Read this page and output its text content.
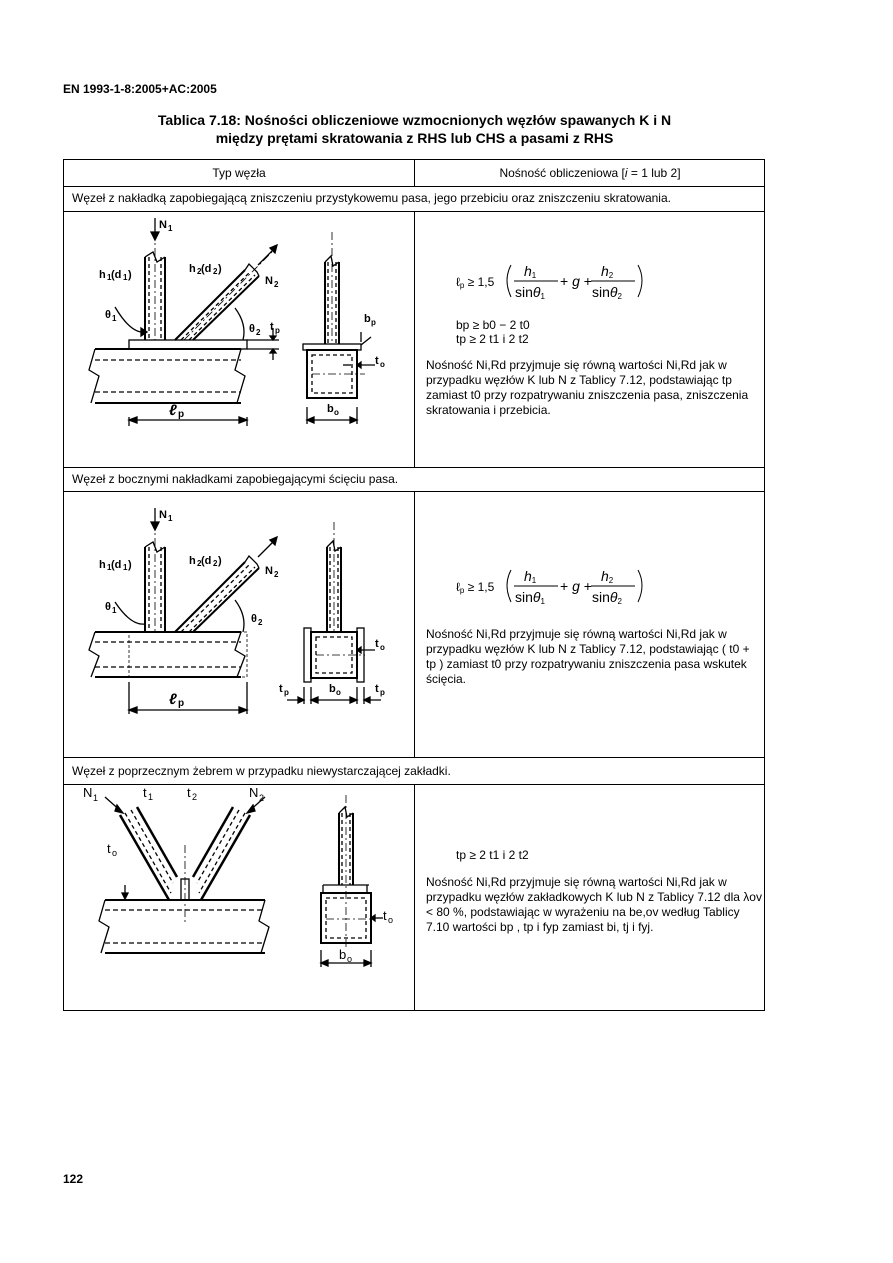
EN 1993-1-8:2005+AC:2005
Tablica 7.18: Nośności obliczeniowe wzmocnionych węzłów spawanych K i N
między prętami skratowania z RHS lub CHS a pasami z RHS
Typ węzła	Nośność obliczeniowa [i = 1 lub 2]
Węzeł z nakładką zapobiegającą zniszczeniu przystykowemu pasa, jego przebiciu oraz zniszczeniu skratowania.
N 1
h 1 (d 1 )	h 2 (d 2 )
N 2
θ 1
θ 2 t p
b p
t o
b o
ℓ p
ℓp ≥ 1,5
h1
sinθ1
+ g +
h2
sinθ2
bp ≥ b0 − 2 t0
tp ≥ 2 t1 i 2 t2

Nośność Ni,Rd przyjmuje się równą wartości Ni,Rd jak w przypadku węzłów K lub N z Tablicy 7.12, podstawiając tp zamiast t0 przy rozpatrywaniu zniszczenia pasa, zniszczenia skratowania i przebicia.

Węzeł z bocznymi nakładkami zapobiegającymi ścięciu pasa.
N 1
h 1 (d 1 )	h 2 (d 2 )
N 2
θ 1
θ 2
t o
t p	b o	t p
ℓ p
ℓp ≥ 1,5
h1
sinθ1
+ g +
h2
sinθ2

Nośność Ni,Rd przyjmuje się równą wartości Ni,Rd jak w przypadku węzłów K lub N z Tablicy 7.12, podstawiając ( t0 + tp ) zamiast t0 przy rozpatrywaniu zniszczenia pasa wskutek ścięcia.

Węzeł z poprzecznym żebrem w przypadku niewystarczającej zakładki.
N 1	t 1	t 2	N 2
t o
t o
b o
tp ≥ 2 t1 i 2 t2

Nośność Ni,Rd przyjmuje się równą wartości Ni,Rd jak w przypadku węzłów zakładkowych K lub N z Tablicy 7.12 dla λov < 80 %, podstawiając w wyrażeniu na be,ov według Tablicy 7.10 wartości bp , tp i fyp zamiast bi, tj i fyj.

122
